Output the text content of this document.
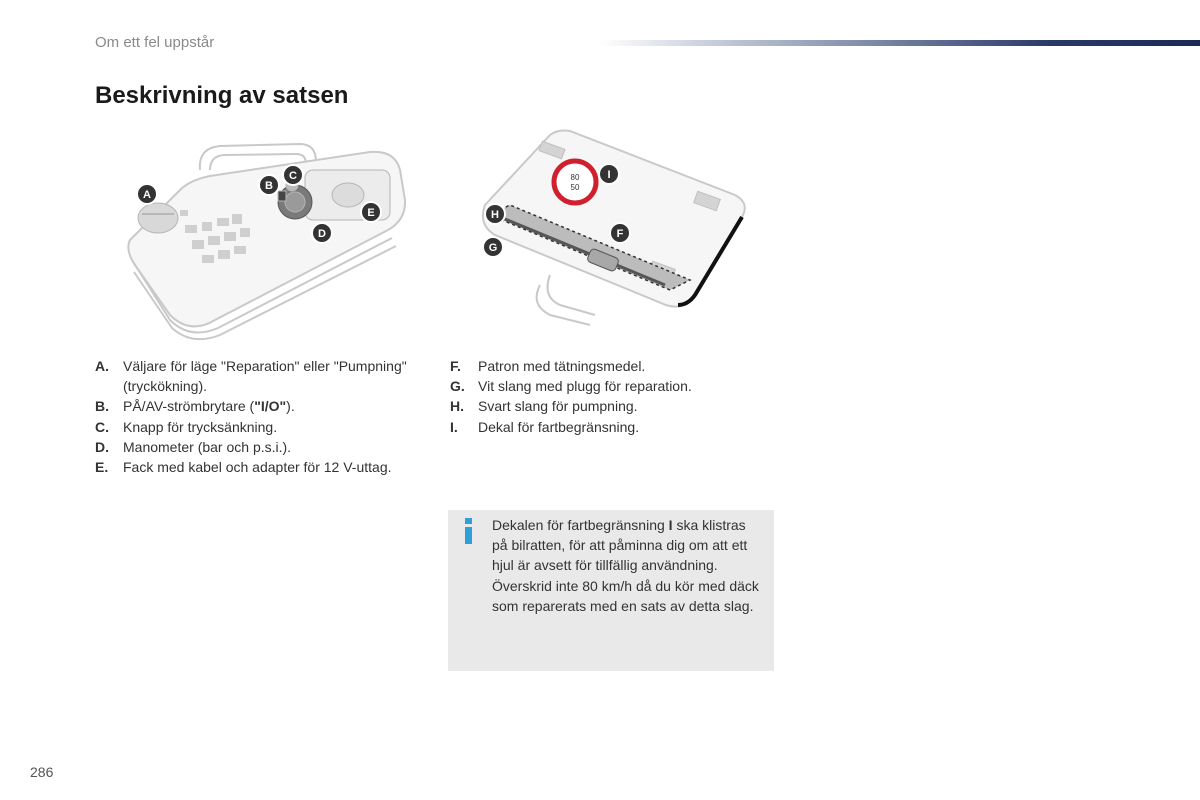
Om ett fel uppstår
Beskrivning av satsen
A
B
C
D
E
80
50
I
H
G
F
A.	Väljare för läge "Reparation" eller "Pumpning" (tryckökning).
B.	PÅ/AV-strömbrytare ("I/O").
C.	Knapp för trycksänkning.
D.	Manometer (bar och p.s.i.).
E.	Fack med kabel och adapter för 12 V-uttag.
F.	Patron med tätningsmedel.
G. Vit slang med plugg för reparation.
H.	Svart slang för pumpning.
I.	Dekal för fartbegränsning.

Dekalen för fartbegränsning I ska klistras på bilratten, för att påminna dig om att ett hjul är avsett för tillfällig användning.

Överskrid inte 80 km/h då du kör med däck som reparerats med en sats av detta slag.

286
